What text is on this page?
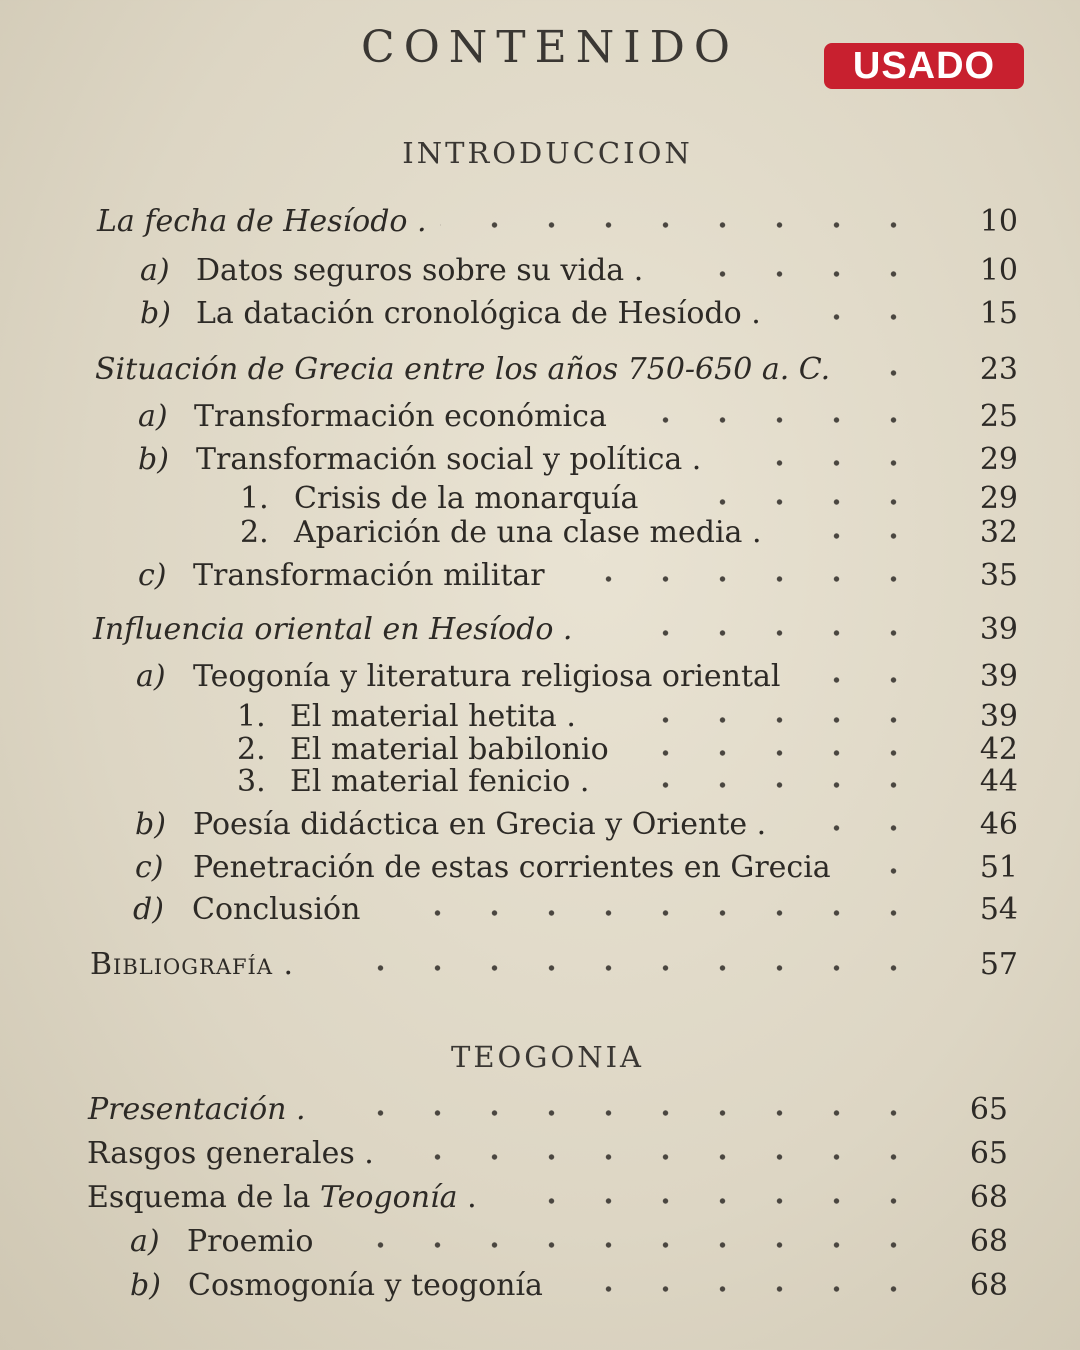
CONTENIDO	USADO
INTRODUCCION
La fecha de Hesíodo .	10
a) Datos seguros sobre su vida .	10
b) La datación cronológica de Hesíodo .	15
Situación de Grecia entre los años 750-650 a. C.	23
a) Transformación económica	25
b) Transformación social y política .	29
1. Crisis de la monarquía	29
2. Aparición de una clase media .	32
c) Transformación militar	35
Influencia oriental en Hesíodo .	39
a) Teogonía y literatura religiosa oriental	39
1. El material hetita .	39
2. El material babilonio	42
3. El material fenicio .	44
b) Poesía didáctica en Grecia y Oriente .	46
c) Penetración de estas corrientes en Grecia	51
d) Conclusión	54
Bibliografía .	57
TEOGONIA
Presentación .	65
Rasgos generales .	65
Esquema de la Teogonía .	68
a) Proemio	68
b) Cosmogonía y teogonía	68
